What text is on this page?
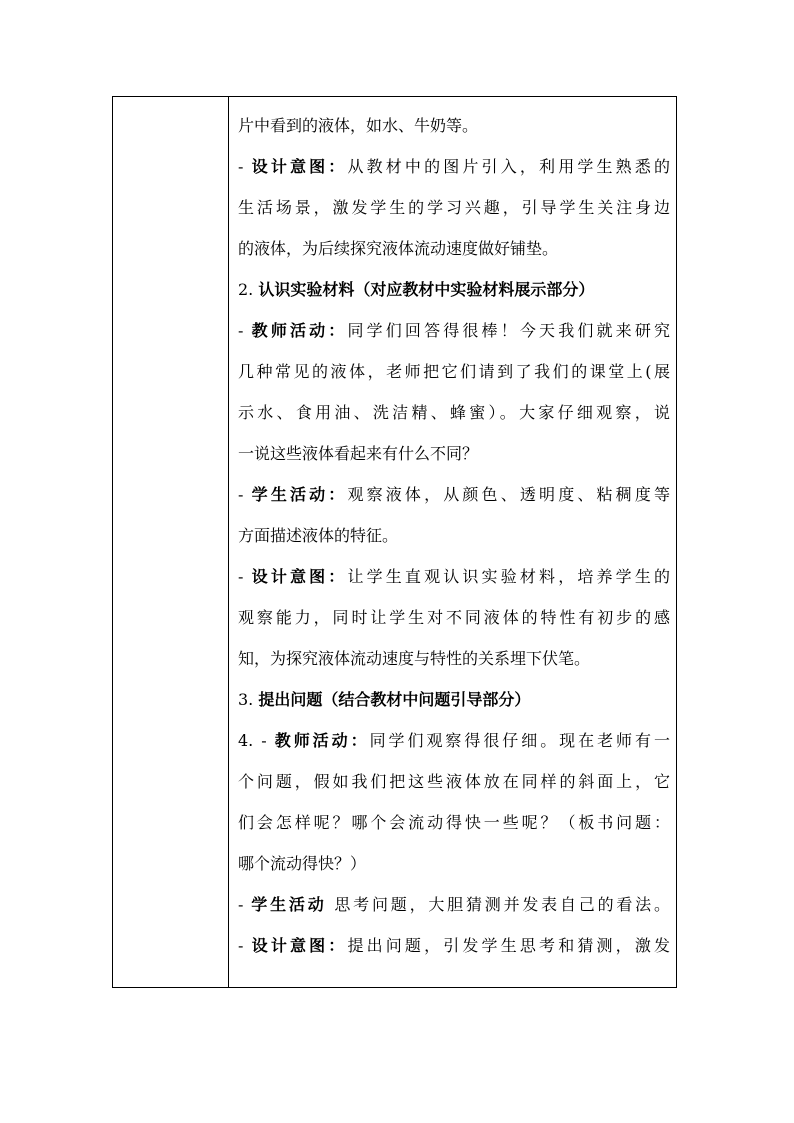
片中看到的液体，如水、牛奶等。
- 设计意图：从教材中的图片引入，利用学生熟悉的
生活场景，激发学生的学习兴趣，引导学生关注身边
的液体，为后续探究液体流动速度做好铺垫。
2. 认识实验材料（对应教材中实验材料展示部分）
- 教师活动：同学们回答得很棒！今天我们就来研究
几种常见的液体，老师把它们请到了我们的课堂上(展
示水、食用油、洗洁精、蜂蜜）。大家仔细观察，说
一说这些液体看起来有什么不同？
- 学生活动：观察液体，从颜色、透明度、粘稠度等
方面描述液体的特征。
- 设计意图：让学生直观认识实验材料，培养学生的
观察能力，同时让学生对不同液体的特性有初步的感
知，为探究液体流动速度与特性的关系埋下伏笔。
3. 提出问题（结合教材中问题引导部分）
4. - 教师活动：同学们观察得很仔细。现在老师有一
个问题，假如我们把这些液体放在同样的斜面上，它
们会怎样呢？哪个会流动得快一些呢？（板书问题：
哪个流动得快？）
- 学生活动 思考问题，大胆猜测并发表自己的看法。
- 设计意图：提出问题，引发学生思考和猜测，激发
